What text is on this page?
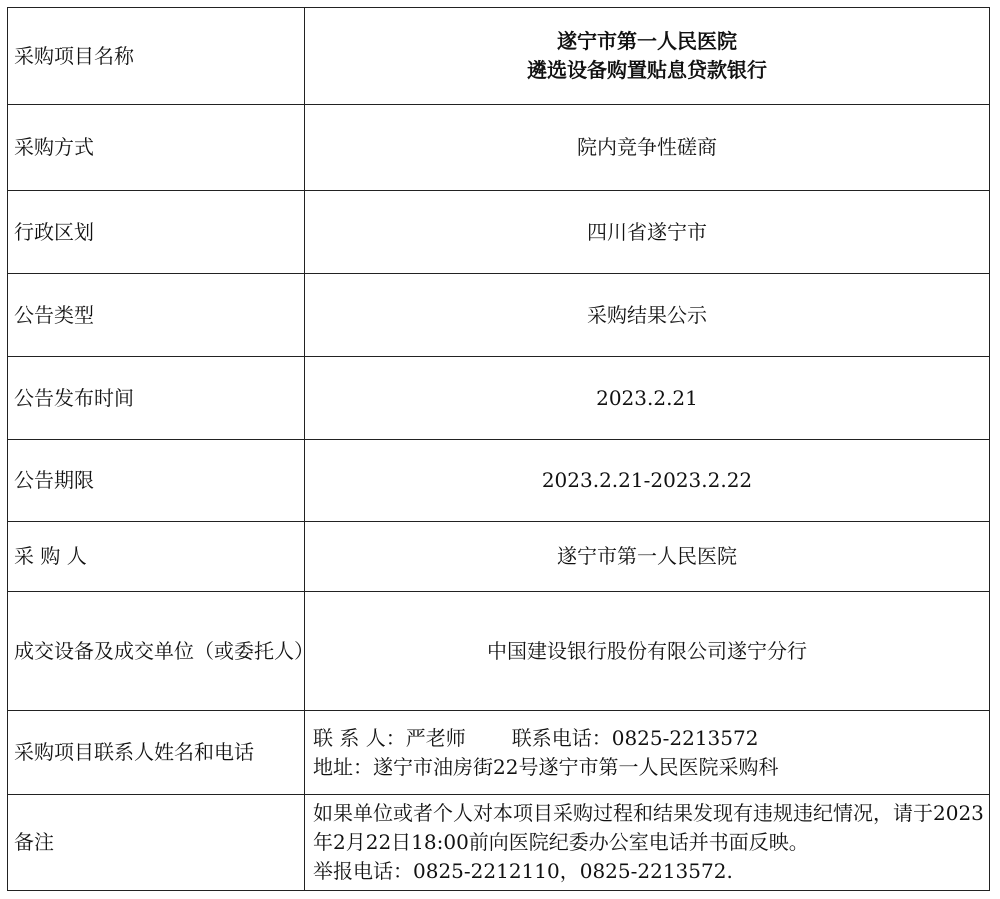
采购项目名称	遂宁市第一人民医院
遴选设备购置贴息贷款银行

采购方式	院内竞争性磋商
行政区划	四川省遂宁市
公告类型	采购结果公示
公告发布时间	2023.2.21
公告期限	2023.2.21-2023.2.22
采 购 人	遂宁市第一人民医院
成交设备及成交单位（或委托人）	中国建设银行股份有限公司遂宁分行
采购项目联系人姓名和电话	联 系 人：严老师 联系电话：0825-2213572
地址：遂宁市油房街22号遂宁市第一人民医院采购科

备注	如果单位或者个人对本项目采购过程和结果发现有违规违纪情况，请于2023年2月22日18:00前向医院纪委办公室电话并书面反映。
举报电话：0825-2212110，0825-2213572.
